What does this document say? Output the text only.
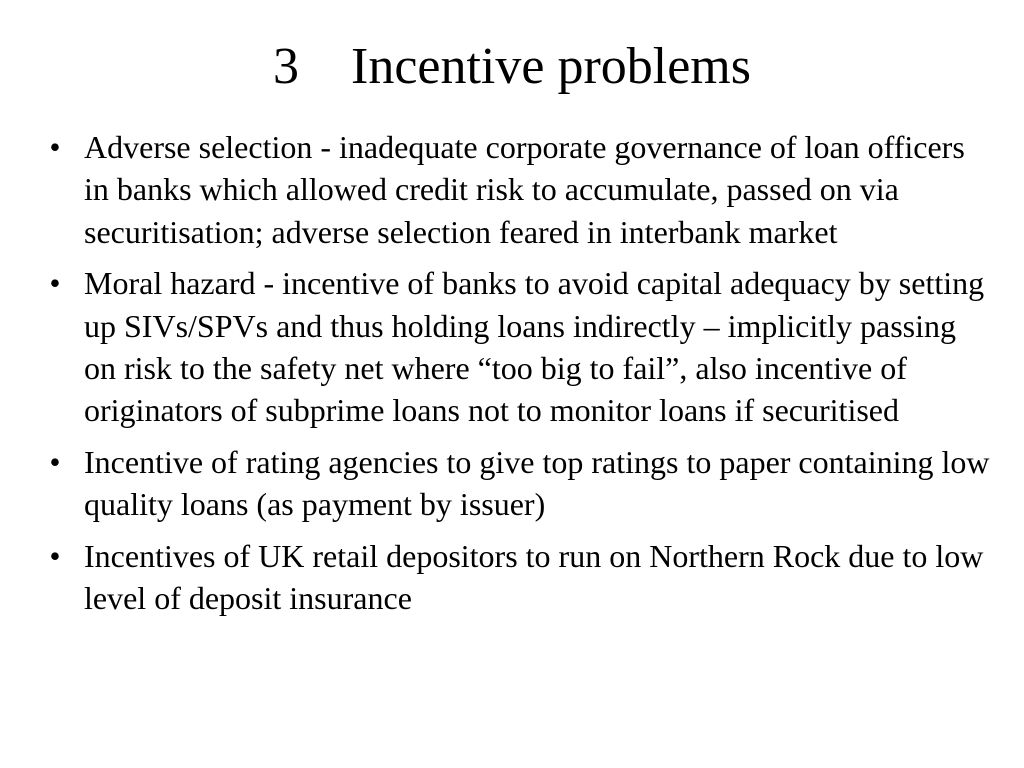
3 Incentive problems
• Adverse selection - inadequate corporate governance of loan officers in banks which allowed credit risk to accumulate, passed on via securitisation; adverse selection feared in interbank market
• Moral hazard - incentive of banks to avoid capital adequacy by setting up SIVs/SPVs and thus holding loans indirectly – implicitly passing on risk to the safety net where “too big to fail”, also incentive of originators of subprime loans not to monitor loans if securitised
• Incentive of rating agencies to give top ratings to paper containing low quality loans (as payment by issuer)
• Incentives of UK retail depositors to run on Northern Rock due to low level of deposit insurance
